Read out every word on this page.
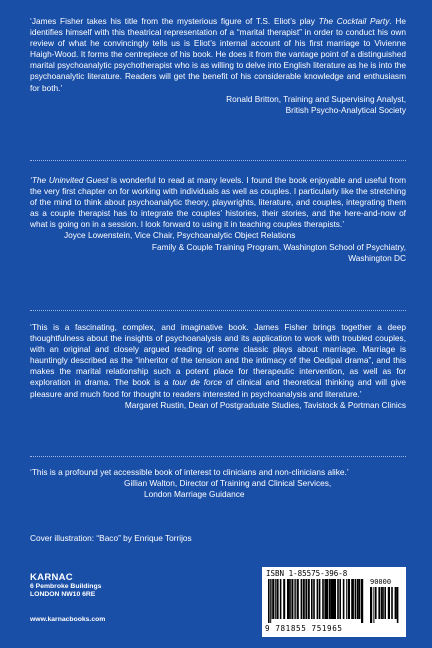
‘James Fisher takes his title from the mysterious figure of T.S. Eliot’s play The Cocktail Party. He identifies himself with this theatrical representation of a “marital therapist” in order to conduct his own review of what he convincingly tells us is Eliot’s internal account of his first marriage to Vivienne Haigh-Wood. It forms the centrepiece of his book. He does it from the vantage point of a distinguished marital psychoanalytic psychotherapist who is as willing to delve into English literature as he is into the psychoanalytic literature. Readers will get the benefit of his considerable knowledge and enthusiasm for both.’

Ronald Britton, Training and Supervising Analyst,

British Psycho-Analytical Society

‘The Uninvited Guest is wonderful to read at many levels. I found the book enjoyable and useful from the very first chapter on for working with individuals as well as couples. I particularly like the stretching of the mind to think about psychoanalytic theory, playwrights, literature, and couples, integrating them as a couple therapist has to integrate the couples’ histories, their stories, and the here-and-now of what is going on in a session. I look forward to using it in teaching couples therapists.’

Joyce Lowenstein, Vice Chair, Psychoanalytic Object Relations

Family & Couple Training Program, Washington School of Psychiatry,

Washington DC

‘This is a fascinating, complex, and imaginative book. James Fisher brings together a deep thoughtfulness about the insights of psychoanalysis and its application to work with troubled couples, with an original and closely argued reading of some classic plays about marriage. Marriage is hauntingly described as the “inheritor of the tension and the intimacy of the Oedipal drama”, and this makes the marital relationship such a potent place for therapeutic intervention, as well as for exploration in drama. The book is a tour de force of clinical and theoretical thinking and will give pleasure and much food for thought to readers interested in psychoanalysis and literature.’

Margaret Rustin, Dean of Postgraduate Studies, Tavistock & Portman Clinics

‘This is a profound yet accessible book of interest to clinicians and non-clinicians alike.’

Gillian Walton, Director of Training and Clinical Services,

London Marriage Guidance

Cover illustration: “Baco” by Enrique Torrijos
KARNAC
6 Pembroke Buildings
LONDON NW10 6RE
www.karnacbooks.com
ISBN 1-85575-396-8
90000
9 781855 751965
